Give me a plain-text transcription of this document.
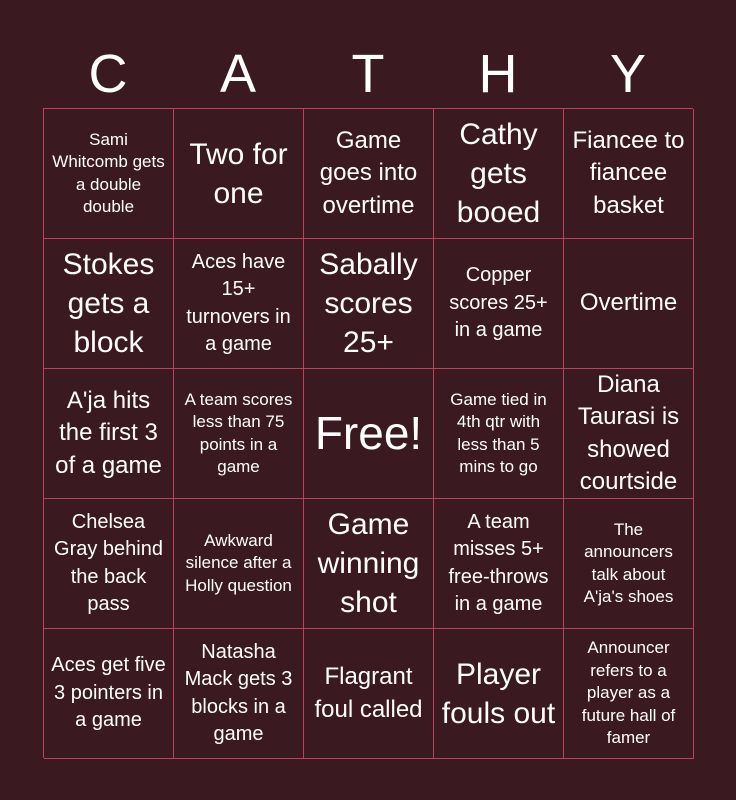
C	A	T	H	Y
Sami Whitcomb gets a double double
Two for one
Game goes into overtime
Cathy gets booed
Fiancee to fiancee basket
Stokes gets a block
Aces have 15+ turnovers in a game
Sabally scores 25+
Copper scores 25+ in a game
Overtime
A'ja hits the first 3 of a game
A team scores less than 75 points in a game
Free!
Game tied in 4th qtr with less than 5 mins to go
Diana Taurasi is showed courtside
Chelsea Gray behind the back pass
Awkward silence after a Holly question
Game winning shot
A team misses 5+ free-throws in a game
The announcers talk about A'ja's shoes
Aces get five 3 pointers in a game
Natasha Mack gets 3 blocks in a game
Flagrant foul called
Player fouls out
Announcer refers to a player as a future hall of famer
